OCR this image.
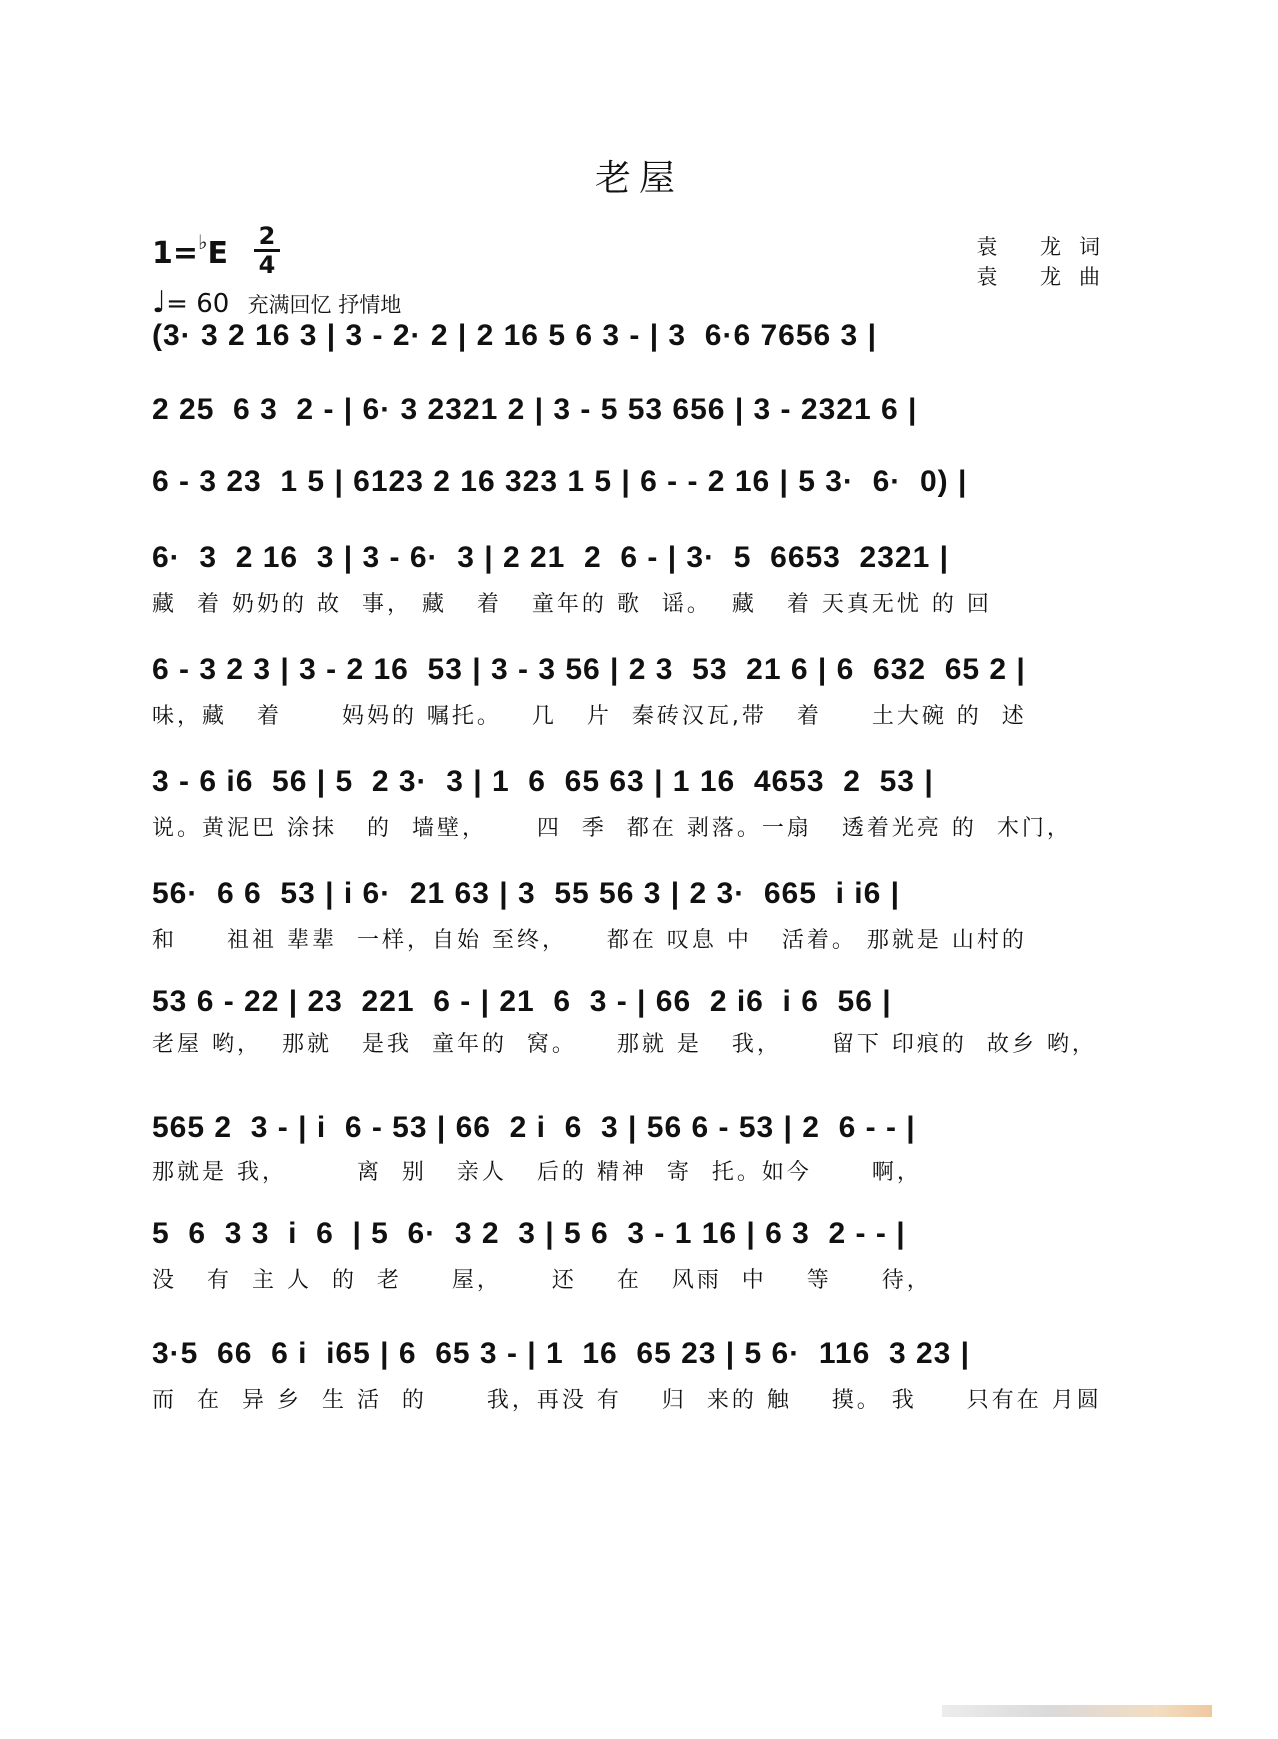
老屋
1=♭E 2
4
♩= 60 充满回忆 抒情地
袁 龙词
袁 龙曲
(3· 3 2 16 3 | 3 - 2· 2 | 2 16 5 6 3 - | 3  6·6 7656 3 |
2 25  6 3  2 - | 6· 3 2321 2 | 3 - 5 53 656 | 3 - 2321 6 |
6 - 3 23  1 5 | 6123 2 16 323 1 5 | 6 - - 2 16 | 5 3·  6·  0) |
6·  3  2 16  3 | 3 - 6·  3 | 2 21  2  6 - | 3·  5  6653  2321 |
藏  着 奶奶的 故  事， 藏   着   童年的 歌  谣。  藏   着 天真无忧 的 回
6 - 3 2 3 | 3 - 2 16  53 | 3 - 3 56 | 2 3  53  21 6 | 6  632  65 2 |
味，藏   着      妈妈的 嘱托。   几   片  秦砖汉瓦,带   着     土大碗 的  述
3 - 6 i6  56 | 5  2 3·  3 | 1  6  65 63 | 1 16  4653  2  53 |
说。黄泥巴 涂抹   的  墙壁，     四  季  都在 剥落。一扇   透着光亮 的  木门，
56·  6 6  53 | i 6·  21 63 | 3  55 56 3 | 2 3·  665  i i6 |
和     祖祖 辈辈  一样，自始 至终，    都在 叹息 中   活着。 那就是 山村的
53 6 - 22 | 23  221  6 - | 21  6  3 - | 66  2 i6  i 6  56 |
老屋 哟，  那就   是我  童年的  窝。    那就 是   我，     留下 印痕的  故乡 哟，
565 2  3 - | i  6 - 53 | 66  2 i  6  3 | 56 6 - 53 | 2  6 - - |
那就是 我，       离  别   亲人   后的 精神  寄  托。如今      啊，
5  6  3 3  i  6  | 5  6·  3 2  3 | 5 6  3 - 1 16 | 6 3  2 - - |
没   有  主 人  的  老     屋，     还    在   风雨  中    等     待，
3·5  66  6 i  i65 | 6  65 3 - | 1  16  65 23 | 5 6·  116  3 23 |
而  在  异 乡  生 活  的      我，再没 有    归  来的 触    摸。 我     只有在 月圆
